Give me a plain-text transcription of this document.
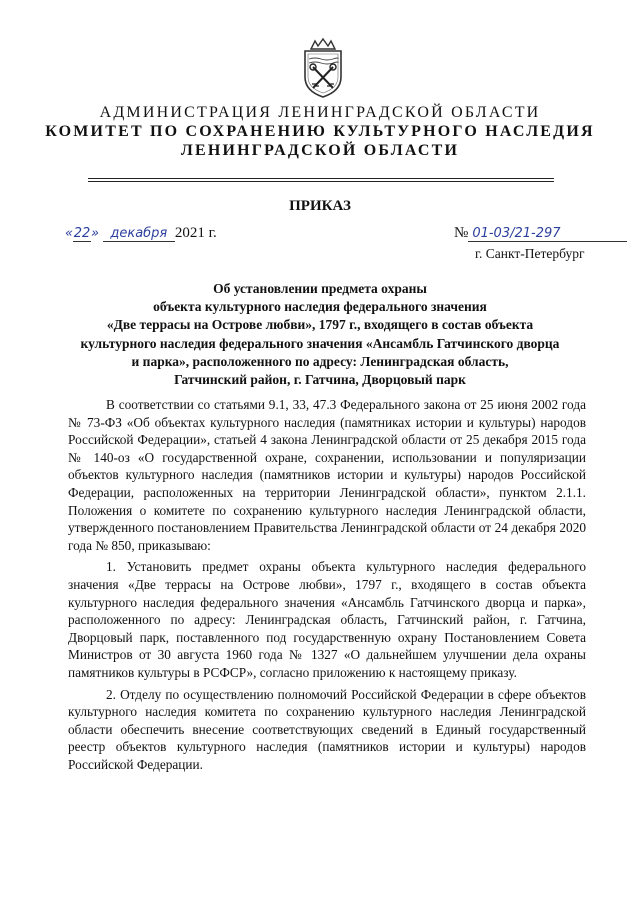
АДМИНИСТРАЦИЯ ЛЕНИНГРАДСКОЙ ОБЛАСТИ
КОМИТЕТ ПО СОХРАНЕНИЮ КУЛЬТУРНОГО НАСЛЕДИЯ
ЛЕНИНГРАДСКОЙ ОБЛАСТИ
ПРИКАЗ
«22» декабря 2021 г.	№ 01-03/21-297
г. Санкт-Петербург
Об установлении предмета охраны
объекта культурного наследия федерального значения
«Две террасы на Острове любви», 1797 г., входящего в состав объекта
культурного наследия федерального значения «Ансамбль Гатчинского дворца
и парка», расположенного по адресу: Ленинградская область,
Гатчинский район, г. Гатчина, Дворцовый парк

В соответствии со статьями 9.1, 33, 47.3 Федерального закона от 25 июня 2002 года № 73-ФЗ «Об объектах культурного наследия (памятниках истории и культуры) народов Российской Федерации», статьей 4 закона Ленинградской области от 25 декабря 2015 года № 140-оз «О государственной охране, сохранении, использовании и популяризации объектов культурного наследия (памятников истории и культуры) народов Российской Федерации, расположенных на территории Ленинградской области», пунктом 2.1.1. Положения о комитете по сохранению культурного наследия Ленинградской области, утвержденного постановлением Правительства Ленинградской области от 24 декабря 2020 года № 850, приказываю:

1. Установить предмет охраны объекта культурного наследия федерального значения «Две террасы на Острове любви», 1797 г., входящего в состав объекта культурного наследия федерального значения «Ансамбль Гатчинского дворца и парка», расположенного по адресу: Ленинградская область, Гатчинский район, г. Гатчина, Дворцовый парк, поставленного под государственную охрану Постановлением Совета Министров от 30 августа 1960 года № 1327 «О дальнейшем улучшении дела охраны памятников культуры в РСФСР», согласно приложению к настоящему приказу.

2. Отделу по осуществлению полномочий Российской Федерации в сфере объектов культурного наследия комитета по сохранению культурного наследия Ленинградской области обеспечить внесение соответствующих сведений в Единый государственный реестр объектов культурного наследия (памятников истории и культуры) народов Российской Федерации.
